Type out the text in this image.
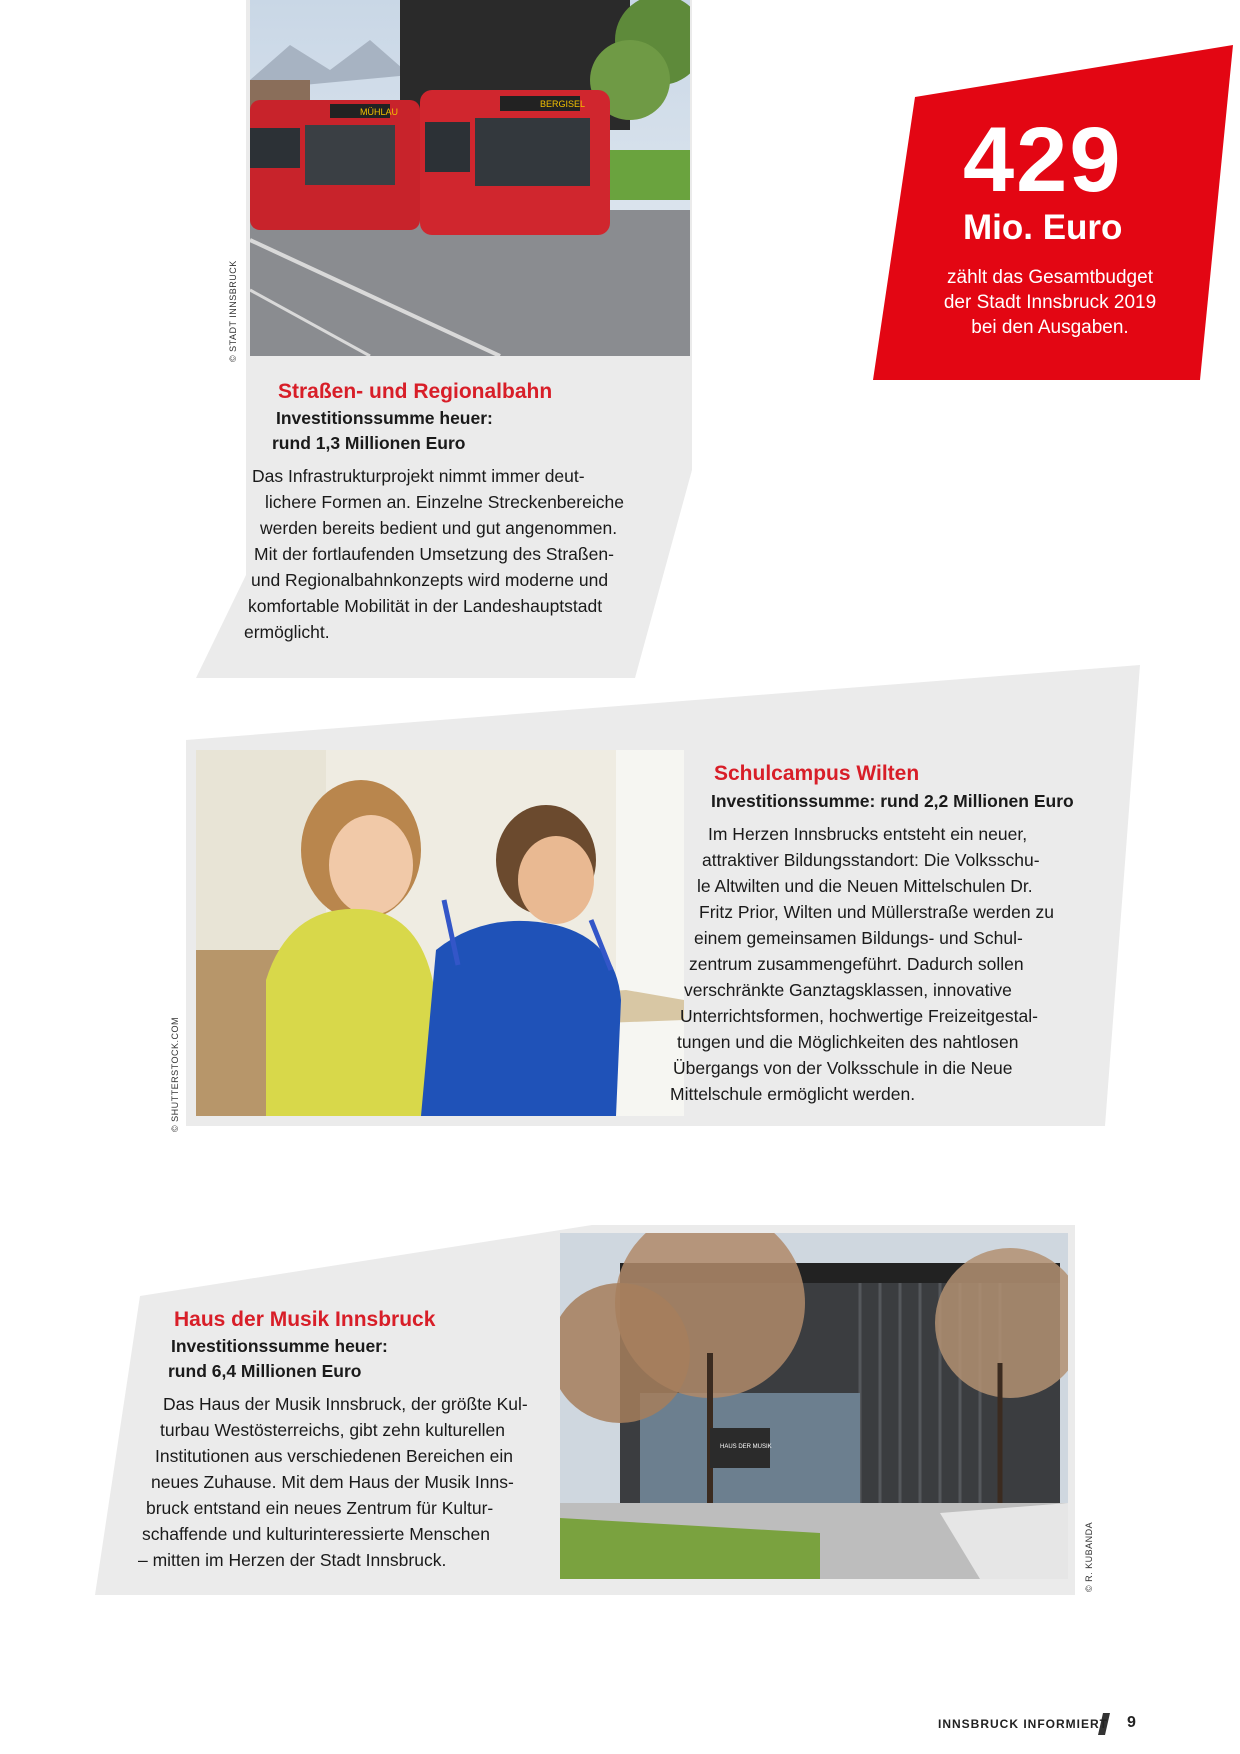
MÜHLAU
BERGISEL
© STADT INNSBRUCK
429
Mio. Euro
zählt das Gesamtbudget
der Stadt Innsbruck 2019
bei den Ausgaben.
Straßen- und Regionalbahn
Investitionssumme heuer:
rund 1,3 Millionen Euro
Das Infrastrukturprojekt nimmt immer deut-
lichere Formen an. Einzelne Streckenbereiche
werden bereits bedient und gut angenommen.
Mit der fortlaufenden Umsetzung des Straßen-
und Regionalbahnkonzepts wird moderne und
komfortable Mobilität in der Landeshauptstadt
ermöglicht.
© SHUTTERSTOCK.COM
Schulcampus Wilten
Investitionssumme: rund 2,2 Millionen Euro
Im Herzen Innsbrucks entsteht ein neuer,
attraktiver Bildungsstandort: Die Volksschu-
le Altwilten und die Neuen Mittelschulen Dr.
Fritz Prior, Wilten und Müllerstraße werden zu
einem gemeinsamen Bildungs- und Schul-
zentrum zusammengeführt. Dadurch sollen
verschränkte Ganztagsklassen, innovative
Unterrichtsformen, hochwertige Freizeitgestal-
tungen und die Möglichkeiten des nahtlosen
Übergangs von der Volksschule in die Neue
Mittelschule ermöglicht werden.
HAUS DER MUSIK
© R. KUBANDA
Haus der Musik Innsbruck
Investitionssumme heuer:
rund 6,4 Millionen Euro
Das Haus der Musik Innsbruck, der größte Kul-
turbau Westösterreichs, gibt zehn kulturellen
Institutionen aus verschiedenen Bereichen ein
neues Zuhause. Mit dem Haus der Musik Inns-
bruck entstand ein neues Zentrum für Kultur-
schaffende und kulturinteressierte Menschen
– mitten im Herzen der Stadt Innsbruck.
INNSBRUCK INFORMIERT 9
